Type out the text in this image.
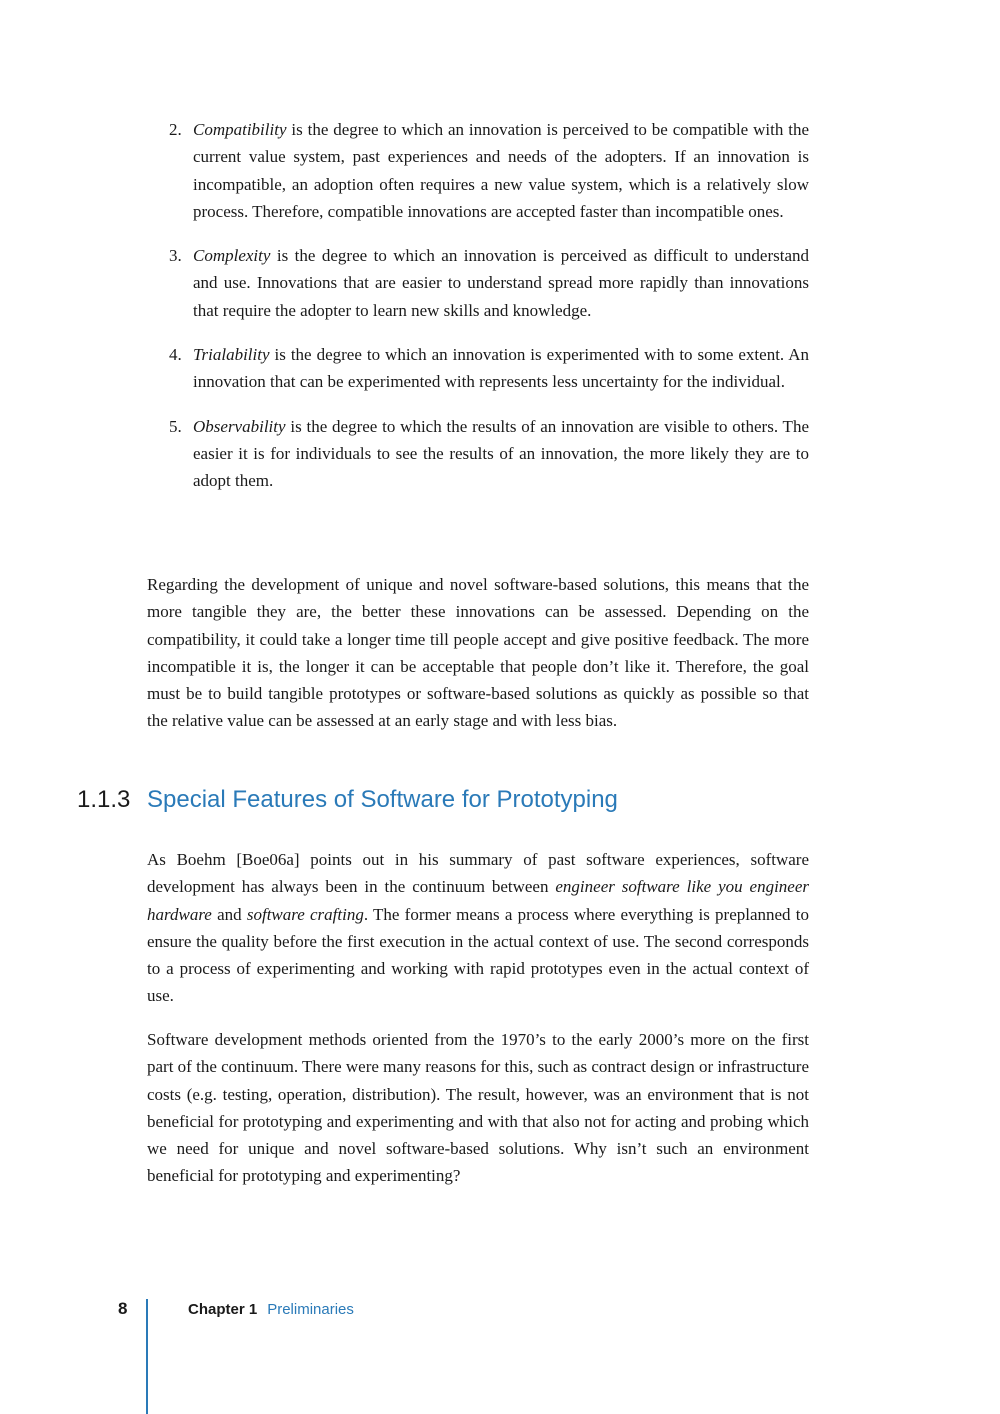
2. Compatibility is the degree to which an innovation is perceived to be compatible with the current value system, past experiences and needs of the adopters. If an innovation is incompatible, an adoption often requires a new value system, which is a relatively slow process. Therefore, compatible innovations are accepted faster than incompatible ones.
3. Complexity is the degree to which an innovation is perceived as difficult to understand and use. Innovations that are easier to understand spread more rapidly than innovations that require the adopter to learn new skills and knowledge.
4. Trialability is the degree to which an innovation is experimented with to some extent. An innovation that can be experimented with represents less uncertainty for the individual.
5. Observability is the degree to which the results of an innovation are visible to others. The easier it is for individuals to see the results of an innovation, the more likely they are to adopt them.

Regarding the development of unique and novel software-based solutions, this means that the more tangible they are, the better these innovations can be assessed. Depending on the compatibility, it could take a longer time till people accept and give positive feedback. The more incompatible it is, the longer it can be acceptable that people don’t like it. Therefore, the goal must be to build tangible prototypes or software-based solutions as quickly as possible so that the relative value can be assessed at an early stage and with less bias.

1.1.3 Special Features of Software for Prototyping

As Boehm [Boe06a] points out in his summary of past software experiences, software development has always been in the continuum between engineer software like you engineer hardware and software crafting. The former means a process where everything is preplanned to ensure the quality before the first execution in the actual context of use. The second corresponds to a process of experimenting and working with rapid prototypes even in the actual context of use.

Software development methods oriented from the 1970’s to the early 2000’s more on the first part of the continuum. There were many reasons for this, such as contract design or infrastructure costs (e.g. testing, operation, distribution). The result, however, was an environment that is not beneficial for prototyping and experimenting and with that also not for acting and probing which we need for unique and novel software-based solutions. Why isn’t such an environment beneficial for prototyping and experimenting?

8	Chapter 1 Preliminaries
